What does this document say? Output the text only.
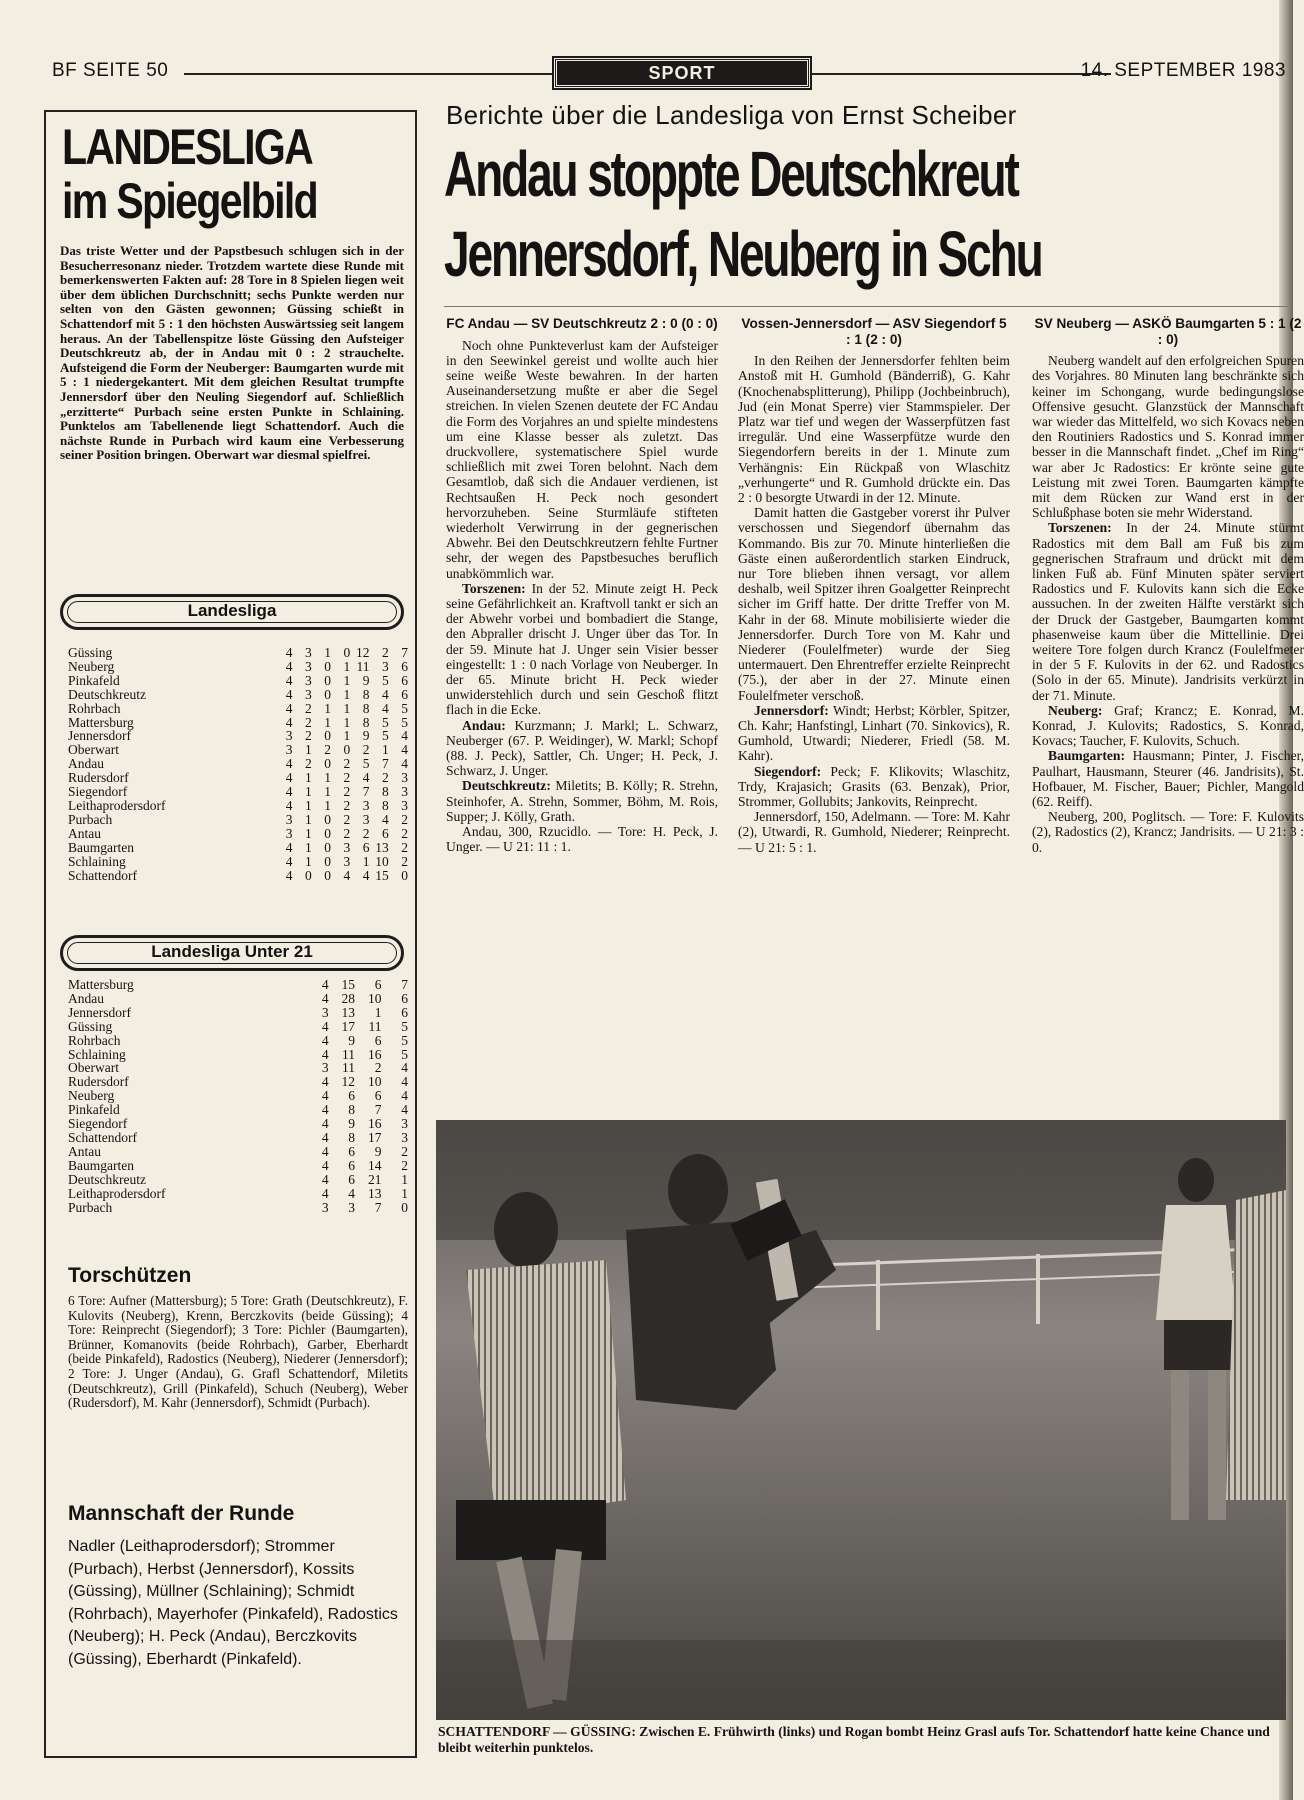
BF SEITE 50	SPORT	14. SEPTEMBER 1983
LANDESLIGA
im Spiegelbild
Das triste Wetter und der Papstbesuch schlugen sich in der Besucherresonanz nieder. Trotzdem wartete diese Runde mit bemerkenswerten Fakten auf: 28 Tore in 8 Spielen liegen weit über dem üblichen Durchschnitt; sechs Punkte werden nur selten von den Gästen gewonnen; Güssing schießt in Schattendorf mit 5 : 1 den höchsten Auswärtssieg seit langem heraus. An der Tabellenspitze löste Güssing den Aufsteiger Deutschkreutz ab, der in Andau mit 0 : 2 strauchelte. Aufsteigend die Form der Neuberger: Baumgarten wurde mit 5 : 1 niedergekantert. Mit dem gleichen Resultat trumpfte Jennersdorf über den Neuling Siegendorf auf. Schließlich „erzitterte“ Purbach seine ersten Punkte in Schlaining. Punktelos am Tabellenende liegt Schattendorf. Auch die nächste Runde in Purbach wird kaum eine Verbesserung seiner Position bringen. Oberwart war diesmal spielfrei.
Landesliga
Güssing	4	3	1	0	12	2	7
Neuberg	4	3	0	1	11	3	6
Pinkafeld	4	3	0	1	9	5	6
Deutschkreutz	4	3	0	1	8	4	6
Rohrbach	4	2	1	1	8	4	5
Mattersburg	4	2	1	1	8	5	5
Jennersdorf	3	2	0	1	9	5	4
Oberwart	3	1	2	0	2	1	4
Andau	4	2	0	2	5	7	4
Rudersdorf	4	1	1	2	4	2	3
Siegendorf	4	1	1	2	7	8	3
Leithaprodersdorf	4	1	1	2	3	8	3
Purbach	3	1	0	2	3	4	2
Antau	3	1	0	2	2	6	2
Baumgarten	4	1	0	3	6	13	2
Schlaining	4	1	0	3	1	10	2
Schattendorf	4	0	0	4	4	15	0
Landesliga Unter 21
Mattersburg	4	15	6	7
Andau	4	28	10	6
Jennersdorf	3	13	1	6
Güssing	4	17	11	5
Rohrbach	4	9	6	5
Schlaining	4	11	16	5
Oberwart	3	11	2	4
Rudersdorf	4	12	10	4
Neuberg	4	6	6	4
Pinkafeld	4	8	7	4
Siegendorf	4	9	16	3
Schattendorf	4	8	17	3
Antau	4	6	9	2
Baumgarten	4	6	14	2
Deutschkreutz	4	6	21	1
Leithaprodersdorf	4	4	13	1
Purbach	3	3	7	0
Torschützen
6 Tore: Aufner (Mattersburg); 5 Tore: Grath (Deutschkreutz), F. Kulovits (Neuberg), Krenn, Berczkovits (beide Güssing); 4 Tore: Reinprecht (Siegendorf); 3 Tore: Pichler (Baumgarten), Brünner, Komanovits (beide Rohrbach), Garber, Eberhardt (beide Pinkafeld), Radostics (Neuberg), Niederer (Jennersdorf); 2 Tore: J. Unger (Andau), G. Grafl Schattendorf, Miletits (Deutschkreutz), Grill (Pinkafeld), Schuch (Neuberg), Weber (Rudersdorf), M. Kahr (Jennersdorf), Schmidt (Purbach).
Mannschaft der Runde
Nadler (Leithaprodersdorf); Strommer (Purbach), Herbst (Jennersdorf), Kossits (Güssing), Müllner (Schlaining); Schmidt (Rohrbach), Mayerhofer (Pinkafeld), Radostics (Neuberg); H. Peck (Andau), Berczkovits (Güssing), Eberhardt (Pinkafeld).
Berichte über die Landesliga von Ernst Scheiber
Andau stoppte Deutschkreut
Jennersdorf, Neuberg in Schu
FC Andau — SV Deutschkreutz 2 : 0 (0 : 0)

Noch ohne Punkteverlust kam der Aufsteiger in den Seewinkel gereist und wollte auch hier seine weiße Weste bewahren. In der harten Auseinandersetzung mußte er aber die Segel streichen. In vielen Szenen deutete der FC Andau die Form des Vorjahres an und spielte mindestens um eine Klasse besser als zuletzt. Das druckvollere, systematischere Spiel wurde schließlich mit zwei Toren belohnt. Nach dem Gesamtlob, daß sich die Andauer verdienen, ist Rechtsaußen H. Peck noch gesondert hervorzuheben. Seine Sturmläufe stifteten wiederholt Verwirrung in der gegnerischen Abwehr. Bei den Deutschkreutzern fehlte Furtner sehr, der wegen des Papstbesuches beruflich unabkömmlich war.

Torszenen: In der 52. Minute zeigt H. Peck seine Gefährlichkeit an. Kraftvoll tankt er sich an der Abwehr vorbei und bombadiert die Stange, den Abpraller drischt J. Unger über das Tor. In der 59. Minute hat J. Unger sein Visier besser eingestellt: 1 : 0 nach Vorlage von Neuberger. In der 65. Minute bricht H. Peck wieder unwiderstehlich durch und sein Geschoß flitzt flach in die Ecke.

Andau: Kurzmann; J. Markl; L. Schwarz, Neuberger (67. P. Weidinger), W. Markl; Schopf (88. J. Peck), Sattler, Ch. Unger; H. Peck, J. Schwarz, J. Unger.

Deutschkreutz: Miletits; B. Kölly; R. Strehn, Steinhofer, A. Strehn, Sommer, Böhm, M. Rois, Supper; J. Kölly, Grath.

Andau, 300, Rzucidlo. — Tore: H. Peck, J. Unger. — U 21: 11 : 1.

Vossen-Jennersdorf — ASV Siegendorf 5 : 1 (2 : 0)

In den Reihen der Jennersdorfer fehlten beim Anstoß mit H. Gumhold (Bänderriß), G. Kahr (Knochenabsplitterung), Philipp (Jochbeinbruch), Jud (ein Monat Sperre) vier Stammspieler. Der Platz war tief und wegen der Wasserpfützen fast irregulär. Und eine Wasserpfütze wurde den Siegendorfern bereits in der 1. Minute zum Verhängnis: Ein Rückpaß von Wlaschitz „verhungerte“ und R. Gumhold drückte ein. Das 2 : 0 besorgte Utwardi in der 12. Minute.

Damit hatten die Gastgeber vorerst ihr Pulver verschossen und Siegendorf übernahm das Kommando. Bis zur 70. Minute hinterließen die Gäste einen außerordentlich starken Eindruck, nur Tore blieben ihnen versagt, vor allem deshalb, weil Spitzer ihren Goalgetter Reinprecht sicher im Griff hatte. Der dritte Treffer von M. Kahr in der 68. Minute mobilisierte wieder die Jennersdorfer. Durch Tore von M. Kahr und Niederer (Foulelfmeter) wurde der Sieg untermauert. Den Ehrentreffer erzielte Reinprecht (75.), der aber in der 27. Minute einen Foulelfmeter verschoß.

Jennersdorf: Windt; Herbst; Körbler, Spitzer, Ch. Kahr; Hanfstingl, Linhart (70. Sinkovics), R. Gumhold, Utwardi; Niederer, Friedl (58. M. Kahr).

Siegendorf: Peck; F. Klikovits; Wlaschitz, Trdy, Krajasich; Grasits (63. Benzak), Prior, Strommer, Gollubits; Jankovits, Reinprecht.

Jennersdorf, 150, Adelmann. — Tore: M. Kahr (2), Utwardi, R. Gumhold, Niederer; Reinprecht. — U 21: 5 : 1.

SV Neuberg — ASKÖ Baumgarten 5 : 1 (2 : 0)

Neuberg wandelt auf den erfolgreichen Spuren des Vorjahres. 80 Minuten lang beschränkte sich keiner im Schongang, wurde bedingungslose Offensive gesucht. Glanzstück der Mannschaft war wieder das Mittelfeld, wo sich Kovacs neben den Routiniers Radostics und S. Konrad immer besser in die Mannschaft findet. „Chef im Ring“ war aber Jc Radostics: Er krönte seine gute Leistung mit zwei Toren. Baumgarten kämpfte mit dem Rücken zur Wand erst in der Schlußphase boten sie mehr Widerstand.

Torszenen: In der 24. Minute stürmt Radostics mit dem Ball am Fuß bis zum gegnerischen Strafraum und drückt mit dem linken Fuß ab. Fünf Minuten später serviert Radostics und F. Kulovits kann sich die Ecke aussuchen. In der zweiten Hälfte verstärkt sich der Druck der Gastgeber, Baumgarten kommt phasenweise kaum über die Mittellinie. Drei weitere Tore folgen durch Krancz (Foulelfmeter in der 5 F. Kulovits in der 62. und Radostics (Solo in der 65. Minute). Jandrisits verkürzt in der 71. Minute.

Neuberg: Graf; Krancz; E. Konrad, M. Konrad, J. Kulovits; Radostics, S. Konrad, Kovacs; Taucher, F. Kulovits, Schuch.

Baumgarten: Hausmann; Pinter, J. Fischer, Paulhart, Hausmann, Steurer (46. Jandrisits), St. Hofbauer, M. Fischer, Bauer; Pichler, Mangold (62. Reiff).

Neuberg, 200, Poglitsch. — Tore: F. Kulovits (2), Radostics (2), Krancz; Jandrisits. — U 21: 3 : 0.

SCHATTENDORF — GÜSSING: Zwischen E. Frühwirth (links) und Rogan bombt Heinz Grasl aufs Tor. Schattendorf hatte keine Chance und bleibt weiterhin punktelos.
